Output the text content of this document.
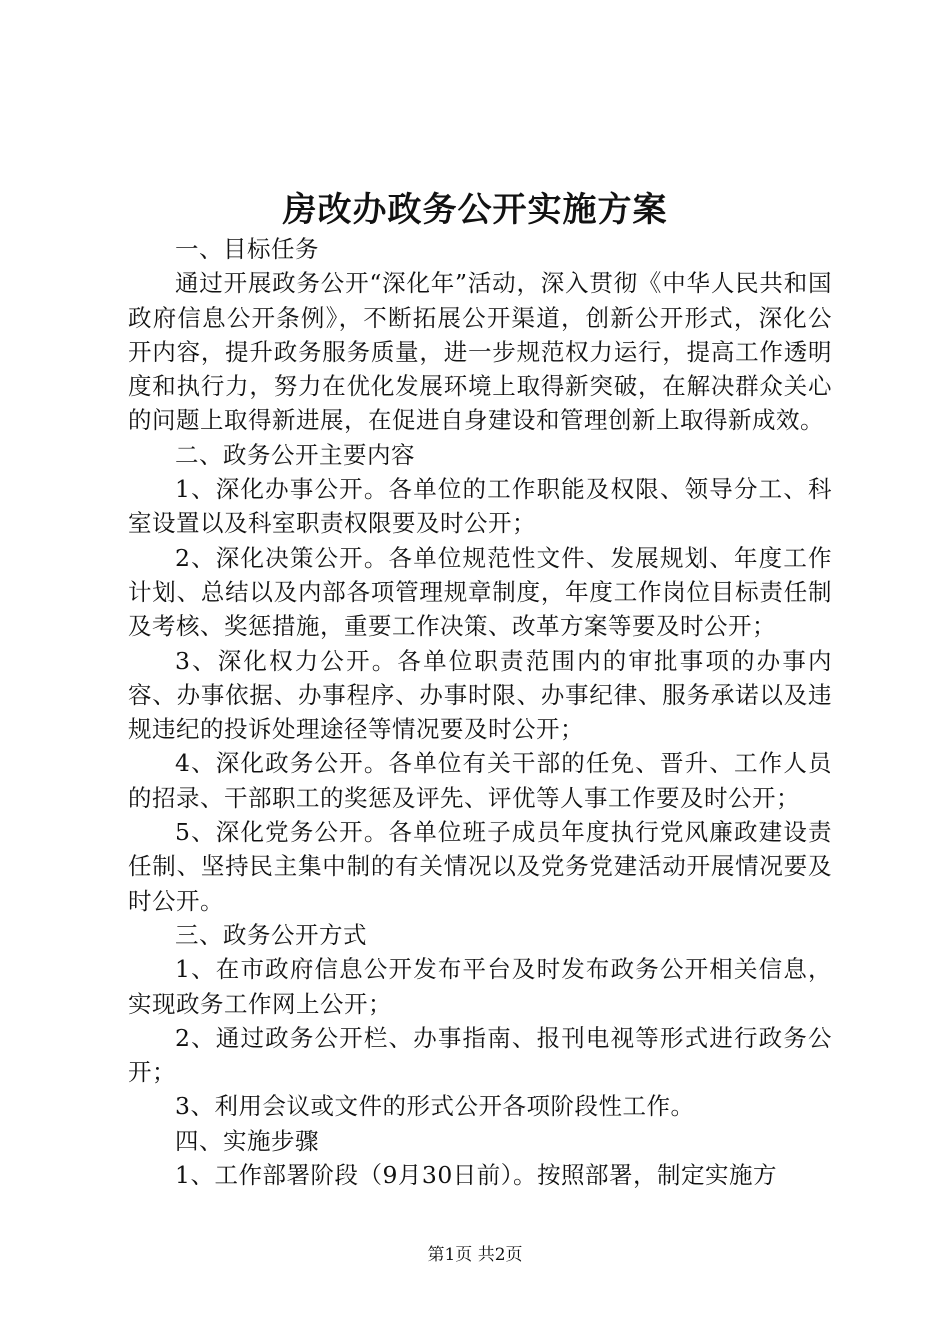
房改办政务公开实施方案

一、目标任务

通过开展政务公开“深化年”活动，深入贯彻《中华人民共和国政府信息公开条例》，不断拓展公开渠道，创新公开形式，深化公开内容，提升政务服务质量，进一步规范权力运行，提高工作透明度和执行力，努力在优化发展环境上取得新突破，在解决群众关心的问题上取得新进展，在促进自身建设和管理创新上取得新成效。

二、政务公开主要内容

1、深化办事公开。各单位的工作职能及权限、领导分工、科室设置以及科室职责权限要及时公开；

2、深化决策公开。各单位规范性文件、发展规划、年度工作计划、总结以及内部各项管理规章制度，年度工作岗位目标责任制及考核、奖惩措施，重要工作决策、改革方案等要及时公开；

3、深化权力公开。各单位职责范围内的审批事项的办事内容、办事依据、办事程序、办事时限、办事纪律、服务承诺以及违规违纪的投诉处理途径等情况要及时公开；

4、深化政务公开。各单位有关干部的任免、晋升、工作人员的招录、干部职工的奖惩及评先、评优等人事工作要及时公开；

5、深化党务公开。各单位班子成员年度执行党风廉政建设责任制、坚持民主集中制的有关情况以及党务党建活动开展情况要及时公开。

三、政务公开方式

1、在市政府信息公开发布平台及时发布政务公开相关信息，实现政务工作网上公开；

2、通过政务公开栏、办事指南、报刊电视等形式进行政务公开；

3、利用会议或文件的形式公开各项阶段性工作。

四、实施步骤

1、工作部署阶段（9月30日前）。按照部署，制定实施方

第1页 共2页
